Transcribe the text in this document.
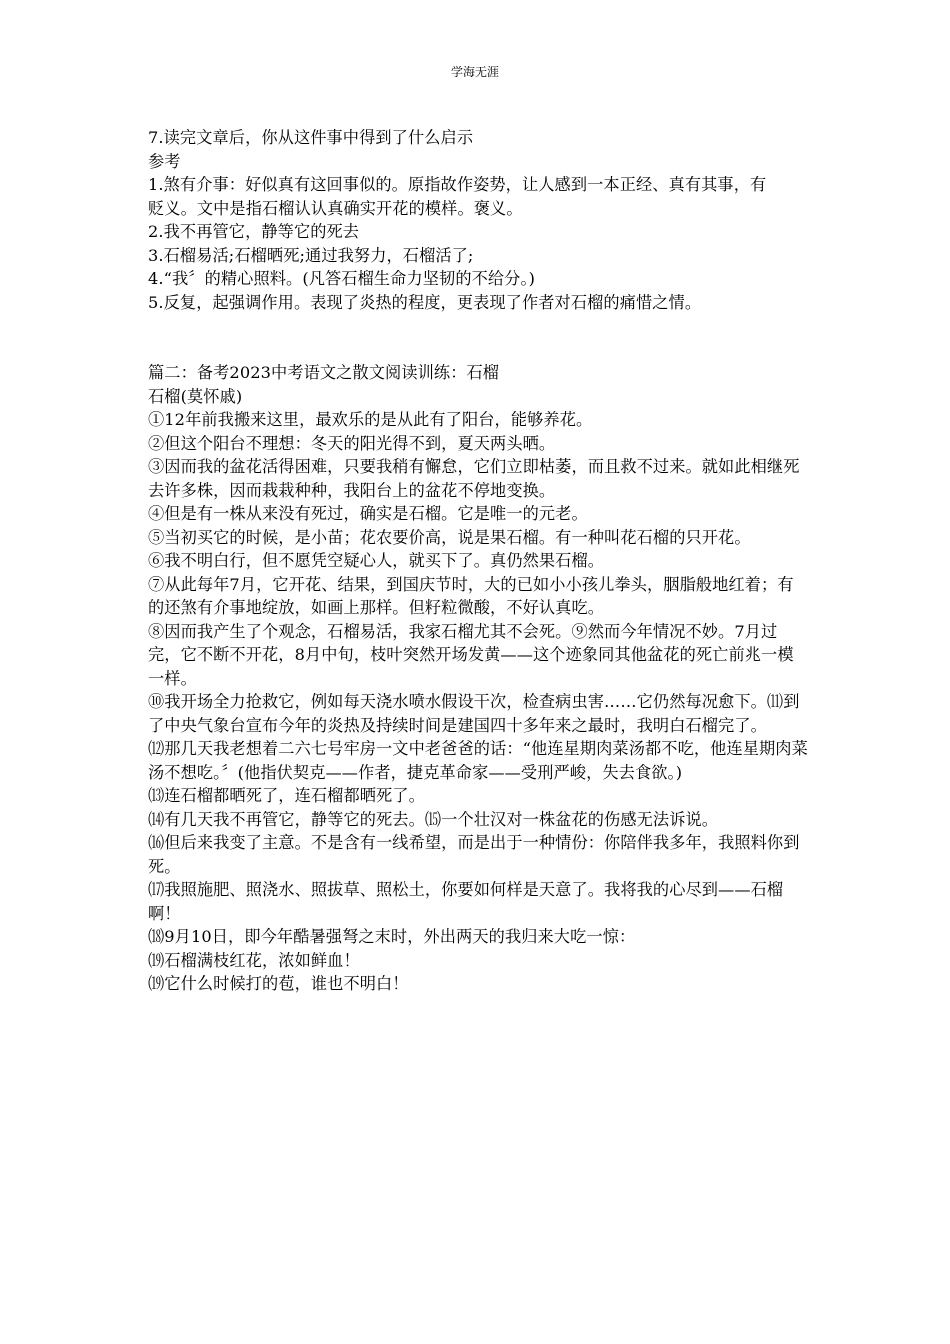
学海无涯
7.读完文章后，你从这件事中得到了什么启示
参考
1.煞有介事：好似真有这回事似的。原指故作姿势，让人感到一本正经、真有其事，有
贬义。文中是指石榴认认真确实开花的模样。褒义。
2.我不再管它，静等它的死去
3.石榴易活;石榴晒死;通过我努力，石榴活了;
4.“我〞的精心照料。(凡答石榴生命力坚韧的不给分。)
5.反复，起强调作用。表现了炎热的程度，更表现了作者对石榴的痛惜之情。
篇二：备考2023中考语文之散文阅读训练：石榴
石榴(莫怀戚)
①12年前我搬来这里，最欢乐的是从此有了阳台，能够养花。
②但这个阳台不理想：冬天的阳光得不到，夏天两头晒。
③因而我的盆花活得困难，只要我稍有懈怠，它们立即枯萎，而且救不过来。就如此相继死去许多株，因而栽栽种种，我阳台上的盆花不停地变换。
④但是有一株从来没有死过，确实是石榴。它是唯一的元老。
⑤当初买它的时候，是小苗；花农要价高，说是果石榴。有一种叫花石榴的只开花。
⑥我不明白行，但不愿凭空疑心人，就买下了。真仍然果石榴。
⑦从此每年7月，它开花、结果，到国庆节时，大的已如小小孩儿拳头，胭脂般地红着；有的还煞有介事地绽放，如画上那样。但籽粒微酸，不好认真吃。
⑧因而我产生了个观念，石榴易活，我家石榴尤其不会死。⑨然而今年情况不妙。7月过完，它不断不开花，8月中旬，枝叶突然开场发黄——这个迹象同其他盆花的死亡前兆一模一样。
⑩我开场全力抢救它，例如每天浇水喷水假设干次，检查病虫害……它仍然每况愈下。⑾到了中央气象台宣布今年的炎热及持续时间是建国四十多年来之最时，我明白石榴完了。
⑿那几天我老想着二六七号牢房一文中老爸爸的话：“他连星期肉菜汤都不吃，他连星期肉菜汤不想吃。〞(他指伏契克——作者，捷克革命家——受刑严峻，失去食欲。)
⒀连石榴都晒死了，连石榴都晒死了。
⒁有几天我不再管它，静等它的死去。⒂一个壮汉对一株盆花的伤感无法诉说。
⒃但后来我变了主意。不是含有一线希望，而是出于一种情份：你陪伴我多年，我照料你到死。
⒄我照施肥、照浇水、照拔草、照松土，你要如何样是天意了。我将我的心尽到——石榴啊！
⒅9月10日，即今年酷暑强弩之末时，外出两天的我归来大吃一惊：
⒆石榴满枝红花，浓如鲜血！
⒆它什么时候打的苞，谁也不明白！
